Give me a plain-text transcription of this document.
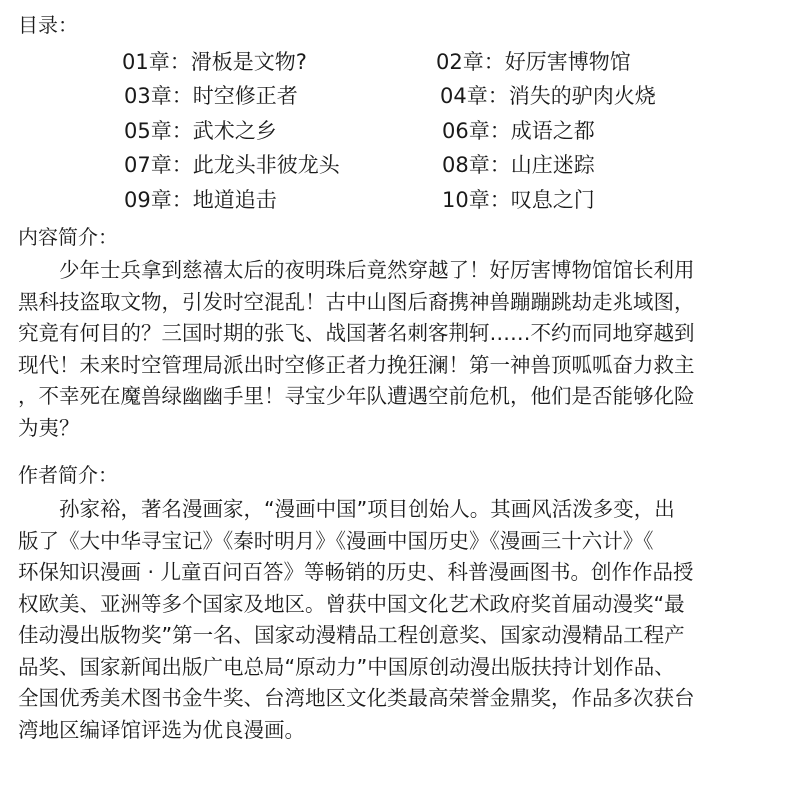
目录：
01章：滑板是文物?	02章：好厉害博物馆
03章：时空修正者	04章：消失的驴肉火烧
05章：武术之乡	06章：成语之都
07章：此龙头非彼龙头	08章：山庄迷踪
09章：地道追击	10章：叹息之门
内容简介：
　　少年士兵拿到慈禧太后的夜明珠后竟然穿越了！好厉害博物馆馆长利用
黑科技盗取文物，引发时空混乱！古中山图后裔携神兽蹦蹦跳劫走兆域图，
究竟有何目的？三国时期的张飞、战国著名刺客荆轲……不约而同地穿越到
现代！未来时空管理局派出时空修正者力挽狂澜！第一神兽顶呱呱奋力救主
，不幸死在魔兽绿幽幽手里！寻宝少年队遭遇空前危机，他们是否能够化险
为夷？
作者简介：
　　孙家裕，著名漫画家，“漫画中国”项目创始人。其画风活泼多变，出
版了《大中华寻宝记》《秦时明月》《漫画中国历史》《漫画三十六计》《
环保知识漫画 · 儿童百问百答》等畅销的历史、科普漫画图书。创作作品授
权欧美、亚洲等多个国家及地区。曾获中国文化艺术政府奖首届动漫奖“最
佳动漫出版物奖”第一名、国家动漫精品工程创意奖、国家动漫精品工程产
品奖、国家新闻出版广电总局“原动力”中国原创动漫出版扶持计划作品、
全国优秀美术图书金牛奖、台湾地区文化类最高荣誉金鼎奖，作品多次获台
湾地区编译馆评选为优良漫画。
